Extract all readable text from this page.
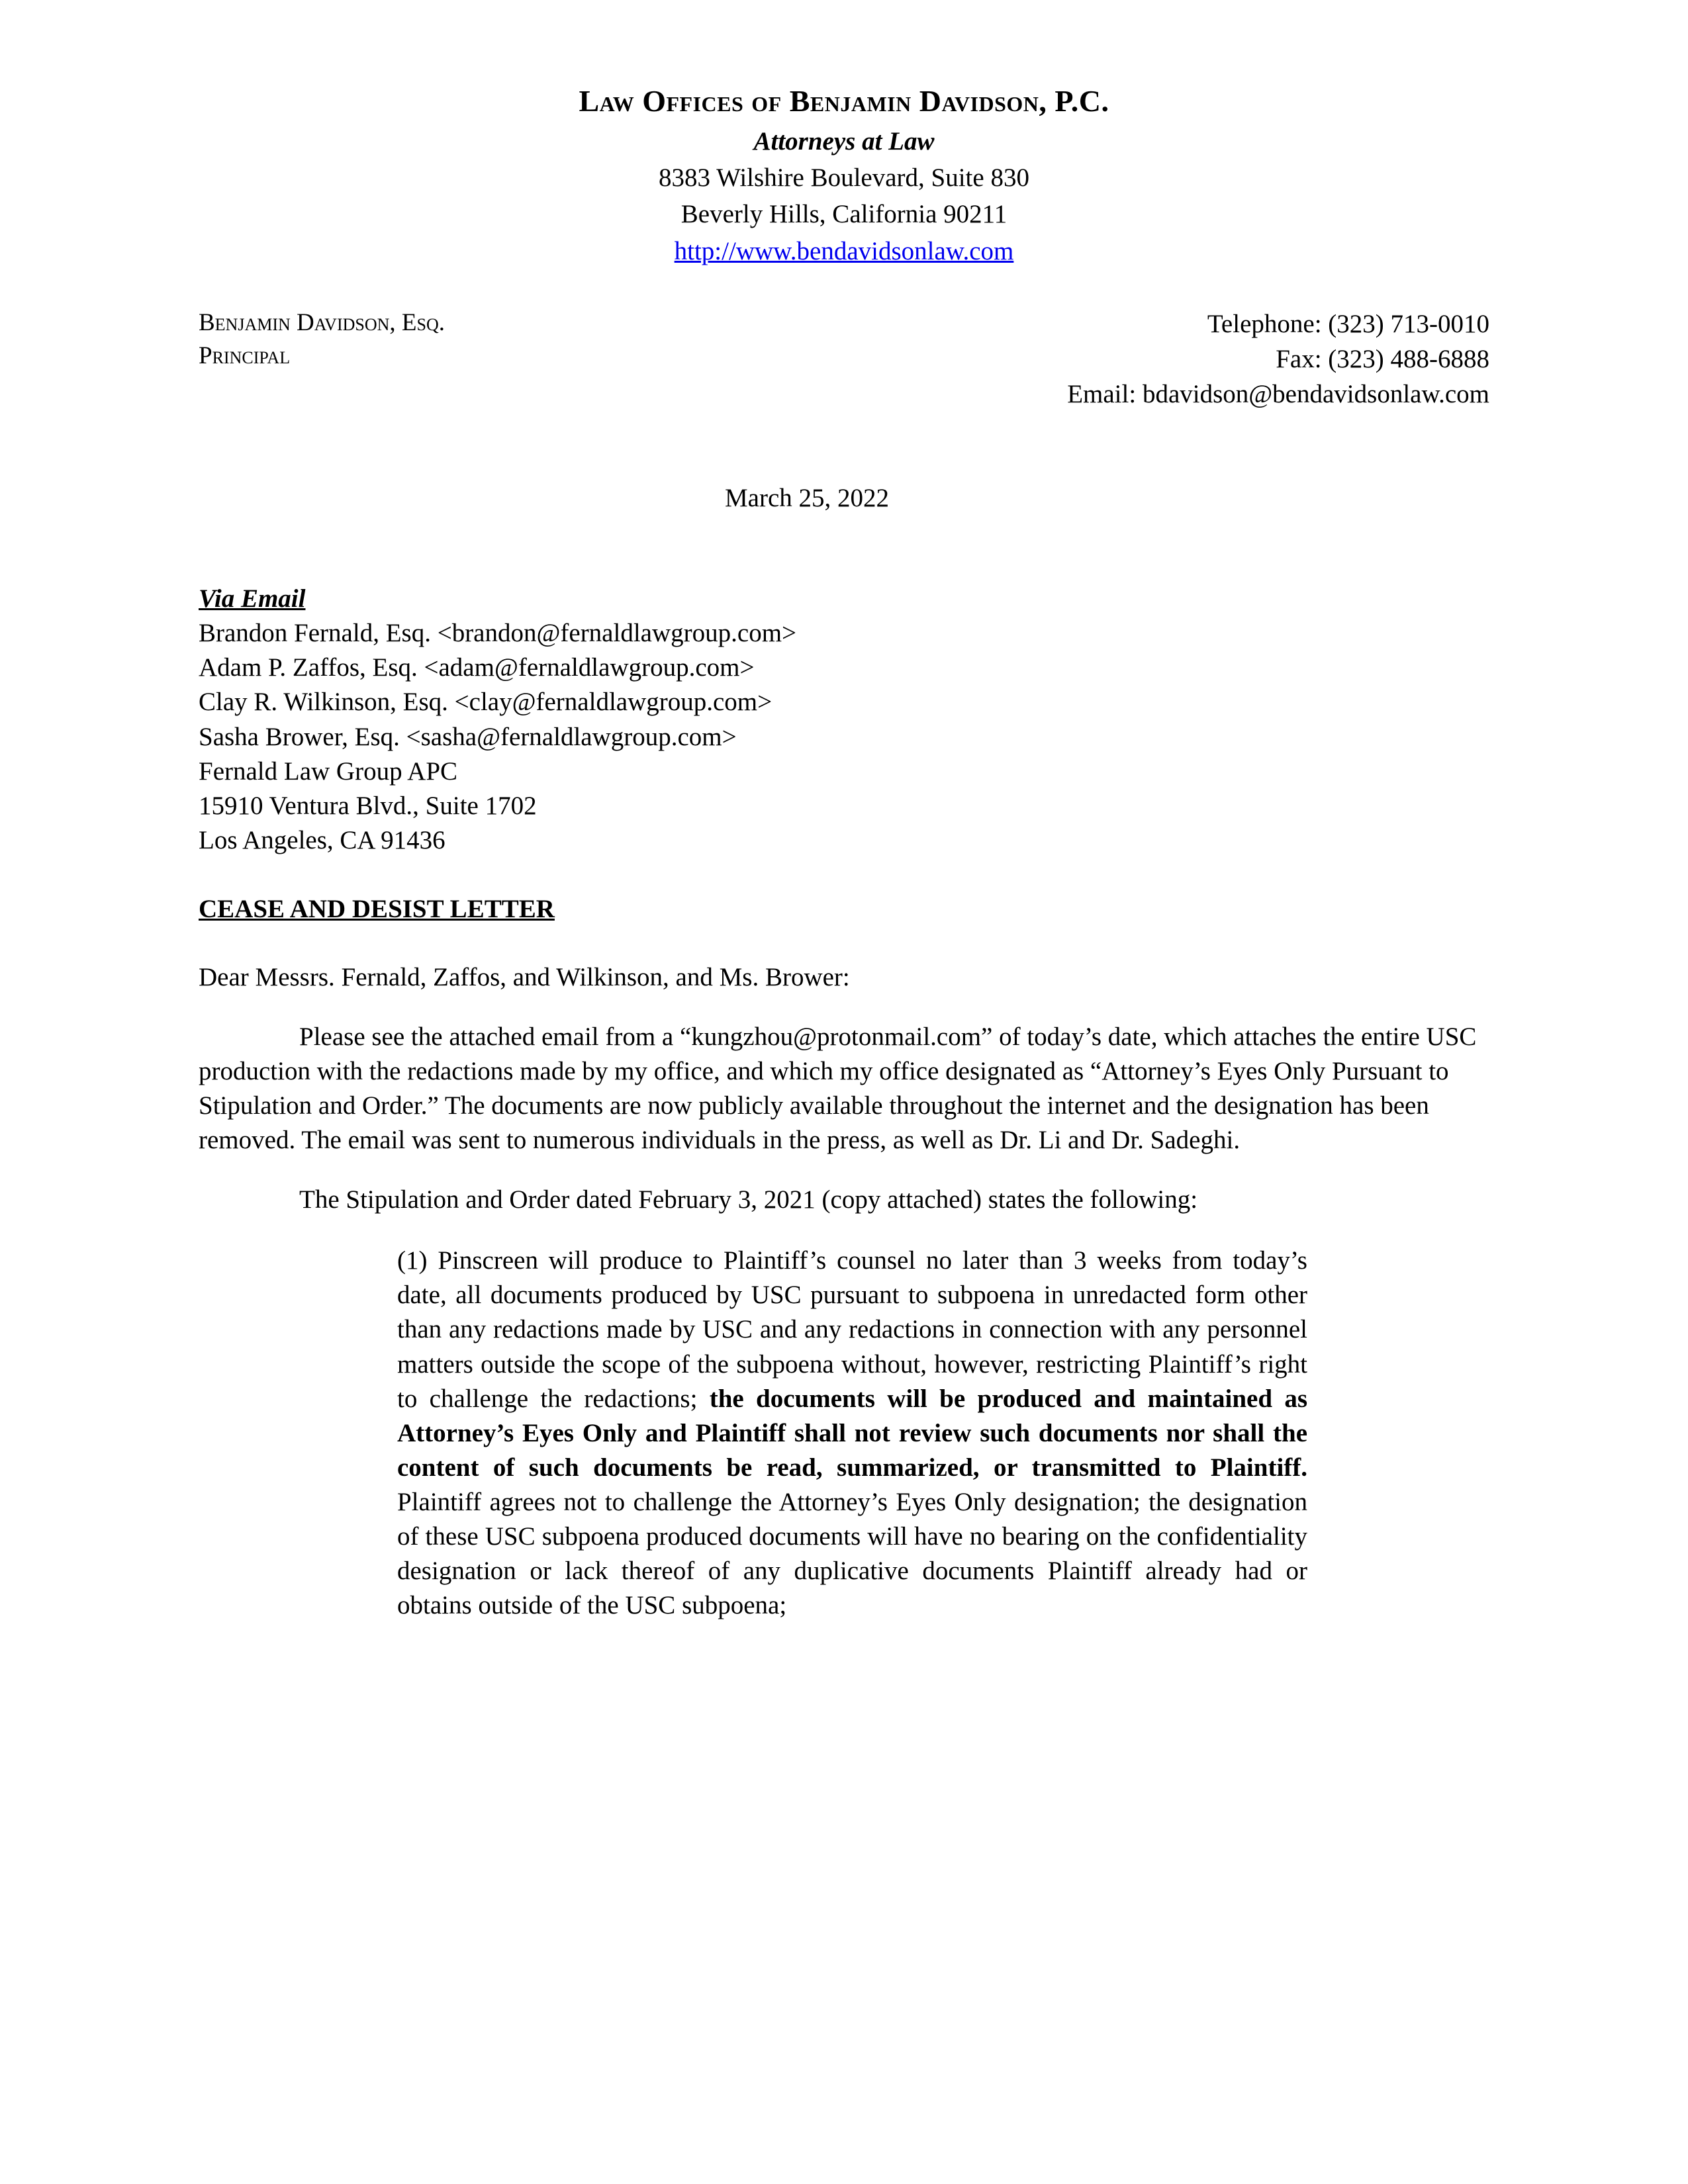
Law Offices of Benjamin Davidson, P.C.
Attorneys at Law
8383 Wilshire Boulevard, Suite 830
Beverly Hills, California 90211
http://www.bendavidsonlaw.com
Benjamin Davidson, Esq.
Principal
Telephone: (323) 713-0010
Fax: (323) 488-6888
Email: bdavidson@bendavidsonlaw.com
March 25, 2022
Via Email
Brandon Fernald, Esq. <brandon@fernaldlawgroup.com>
Adam P. Zaffos, Esq. <adam@fernaldlawgroup.com>
Clay R. Wilkinson, Esq. <clay@fernaldlawgroup.com>
Sasha Brower, Esq. <sasha@fernaldlawgroup.com>
Fernald Law Group APC
15910 Ventura Blvd., Suite 1702
Los Angeles, CA 91436
CEASE AND DESIST LETTER
Dear Messrs. Fernald, Zaffos, and Wilkinson, and Ms. Brower:
Please see the attached email from a “kungzhou@protonmail.com” of today’s date, which attaches the entire USC production with the redactions made by my office, and which my office designated as “Attorney’s Eyes Only Pursuant to Stipulation and Order.” The documents are now publicly available throughout the internet and the designation has been removed. The email was sent to numerous individuals in the press, as well as Dr. Li and Dr. Sadeghi.
The Stipulation and Order dated February 3, 2021 (copy attached) states the following:
(1) Pinscreen will produce to Plaintiff’s counsel no later than 3 weeks from today’s date, all documents produced by USC pursuant to subpoena in unredacted form other than any redactions made by USC and any redactions in connection with any personnel matters outside the scope of the subpoena without, however, restricting Plaintiff’s right to challenge the redactions; the documents will be produced and maintained as Attorney’s Eyes Only and Plaintiff shall not review such documents nor shall the content of such documents be read, summarized, or transmitted to Plaintiff. Plaintiff agrees not to challenge the Attorney’s Eyes Only designation; the designation of these USC subpoena produced documents will have no bearing on the confidentiality designation or lack thereof of any duplicative documents Plaintiff already had or obtains outside of the USC subpoena;
